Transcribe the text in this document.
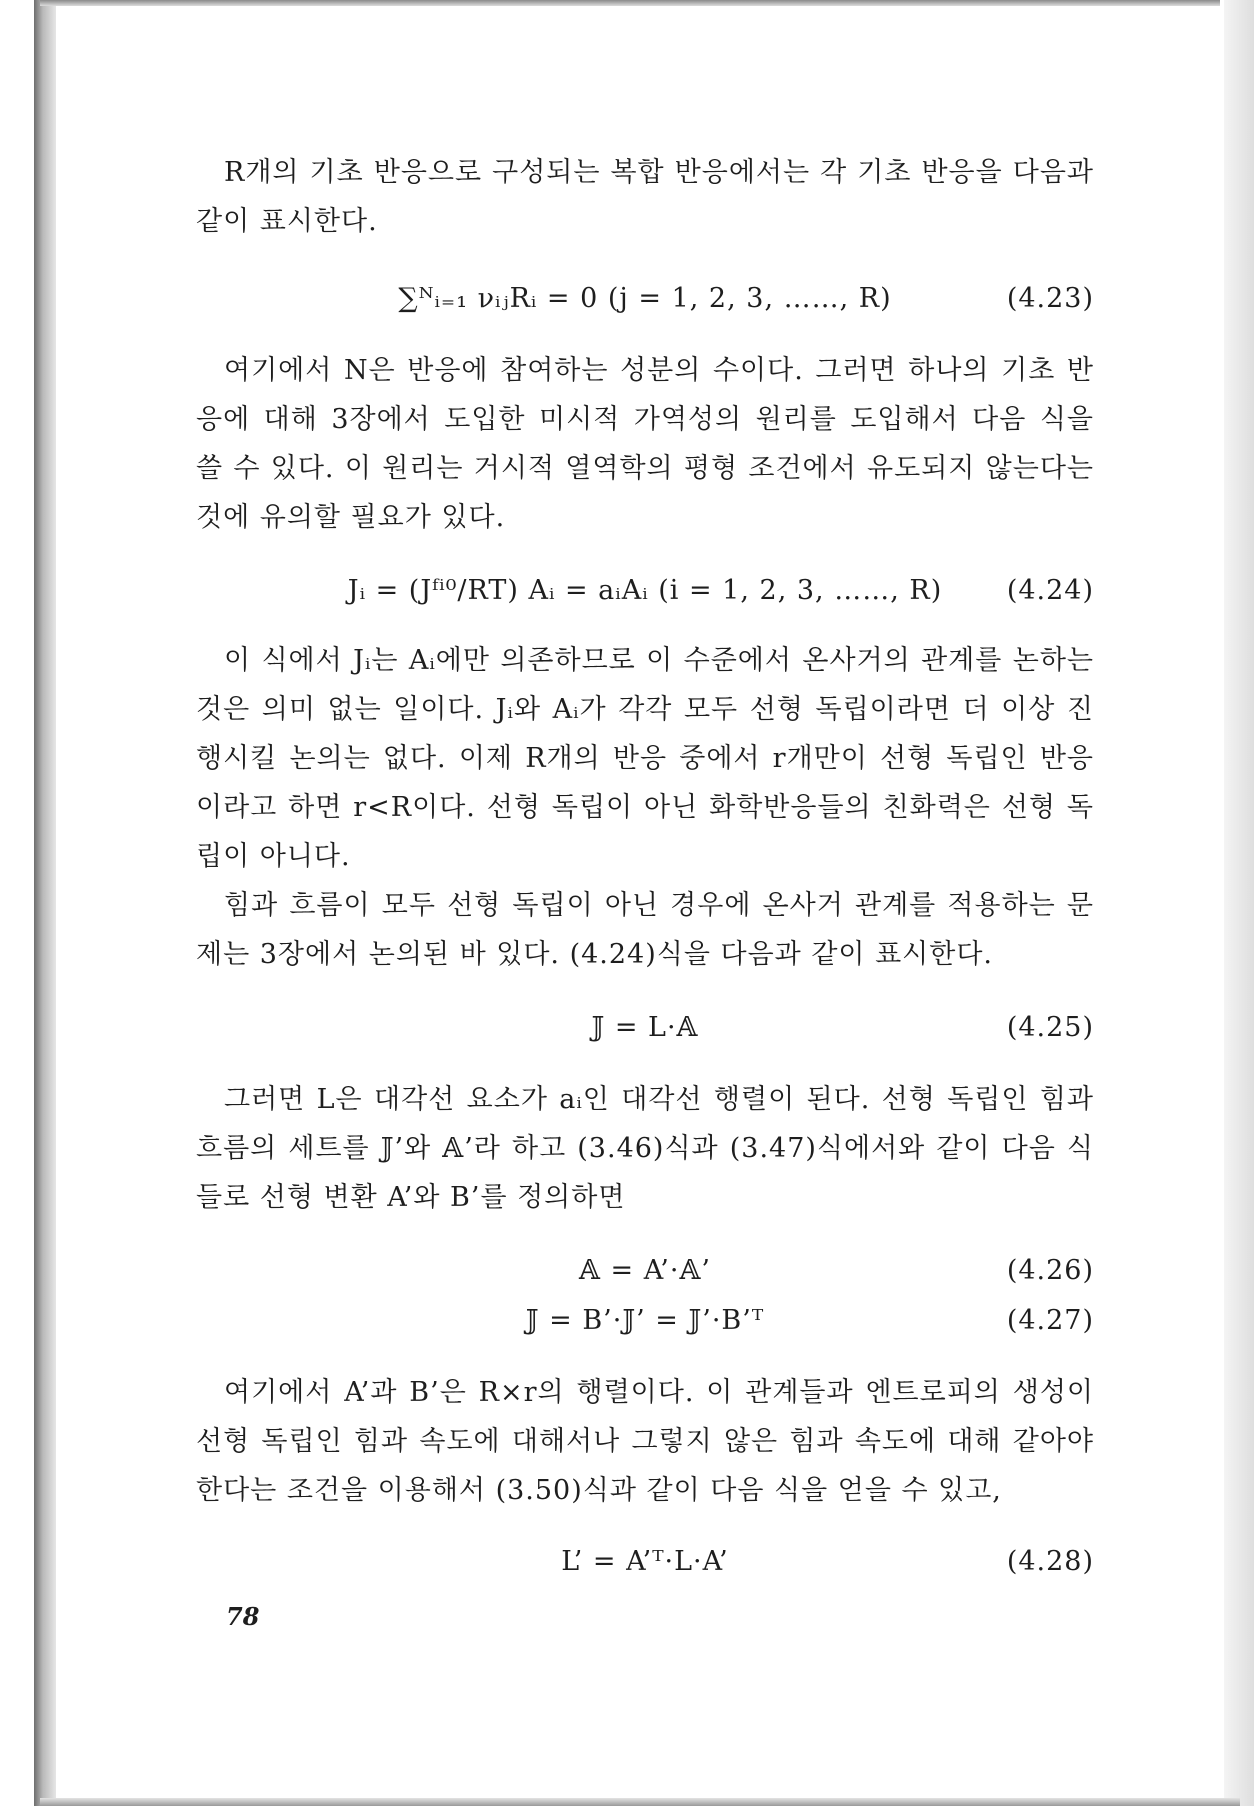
R개의 기초 반응으로 구성되는 복합 반응에서는 각 기초 반응을 다음과 같이 표시한다.

∑ᴺᵢ₌₁ νᵢⱼRᵢ = 0 (j = 1, 2, 3, ……, R)	(4.23)

여기에서 N은 반응에 참여하는 성분의 수이다. 그러면 하나의 기초 반응에 대해 3장에서 도입한 미시적 가역성의 원리를 도입해서 다음 식을 쓸 수 있다. 이 원리는 거시적 열역학의 평형 조건에서 유도되지 않는다는 것에 유의할 필요가 있다.

Jᵢ = (Jᶠⁱ⁰/RT) Aᵢ = aᵢAᵢ (i = 1, 2, 3, ……, R)	(4.24)

이 식에서 Jᵢ는 Aᵢ에만 의존하므로 이 수준에서 온사거의 관계를 논하는 것은 의미 없는 일이다. Jᵢ와 Aᵢ가 각각 모두 선형 독립이라면 더 이상 진행시킬 논의는 없다. 이제 R개의 반응 중에서 r개만이 선형 독립인 반응이라고 하면 r<R이다. 선형 독립이 아닌 화학반응들의 친화력은 선형 독립이 아니다.

힘과 흐름이 모두 선형 독립이 아닌 경우에 온사거 관계를 적용하는 문제는 3장에서 논의된 바 있다. (4.24)식을 다음과 같이 표시한다.

𝕁 = L·𝔸	(4.25)

그러면 L은 대각선 요소가 aᵢ인 대각선 행렬이 된다. 선형 독립인 힘과 흐름의 세트를 𝕁’와 𝔸’라 하고 (3.46)식과 (3.47)식에서와 같이 다음 식들로 선형 변환 A’와 B’를 정의하면

𝔸 = A’·𝔸’	(4.26)
𝕁 = B’·𝕁’ = 𝕁’·B’ᵀ	(4.27)

여기에서 A’과 B’은 R×r의 행렬이다. 이 관계들과 엔트로피의 생성이 선형 독립인 힘과 속도에 대해서나 그렇지 않은 힘과 속도에 대해 같아야 한다는 조건을 이용해서 (3.50)식과 같이 다음 식을 얻을 수 있고,

L’ = A’ᵀ·L·A’	(4.28)
78
